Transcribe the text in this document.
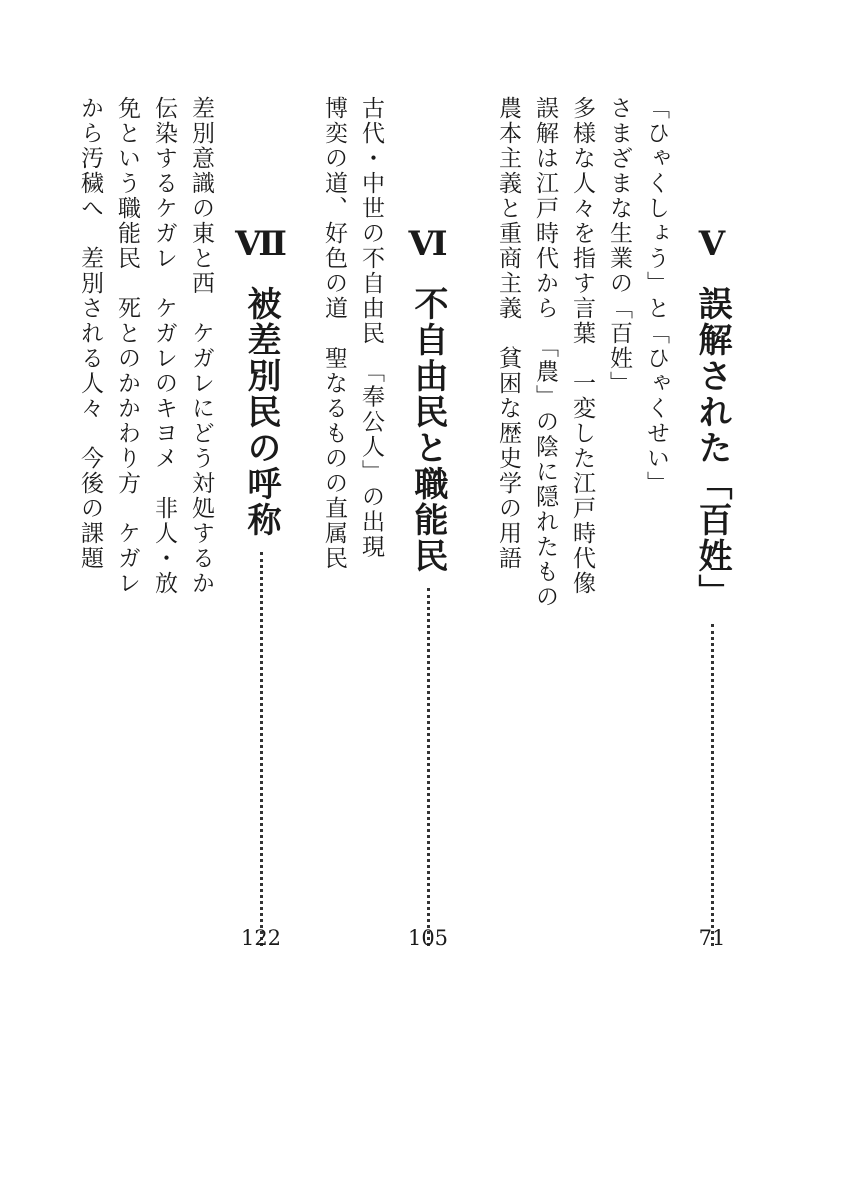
V
誤解された「百姓」
71
「ひゃくしょう」と「ひゃくせい」
さまざまな生業の「百姓」
多様な人々を指す言葉　一変した江戸時代像
誤解は江戸時代から　「農」の陰に隠れたもの
農本主義と重商主義　貧困な歴史学の用語
Ⅵ
不自由民と職能民
105
古代・中世の不自由民　「奉公人」の出現
博奕の道、好色の道　聖なるものの直属民
Ⅶ
被差別民の呼称
122
差別意識の東と西　ケガレにどう対処するか
伝染するケガレ　ケガレのキヨメ　非人・放
免という職能民　死とのかかわり方　ケガレ
から汚穢へ　差別される人々　今後の課題
